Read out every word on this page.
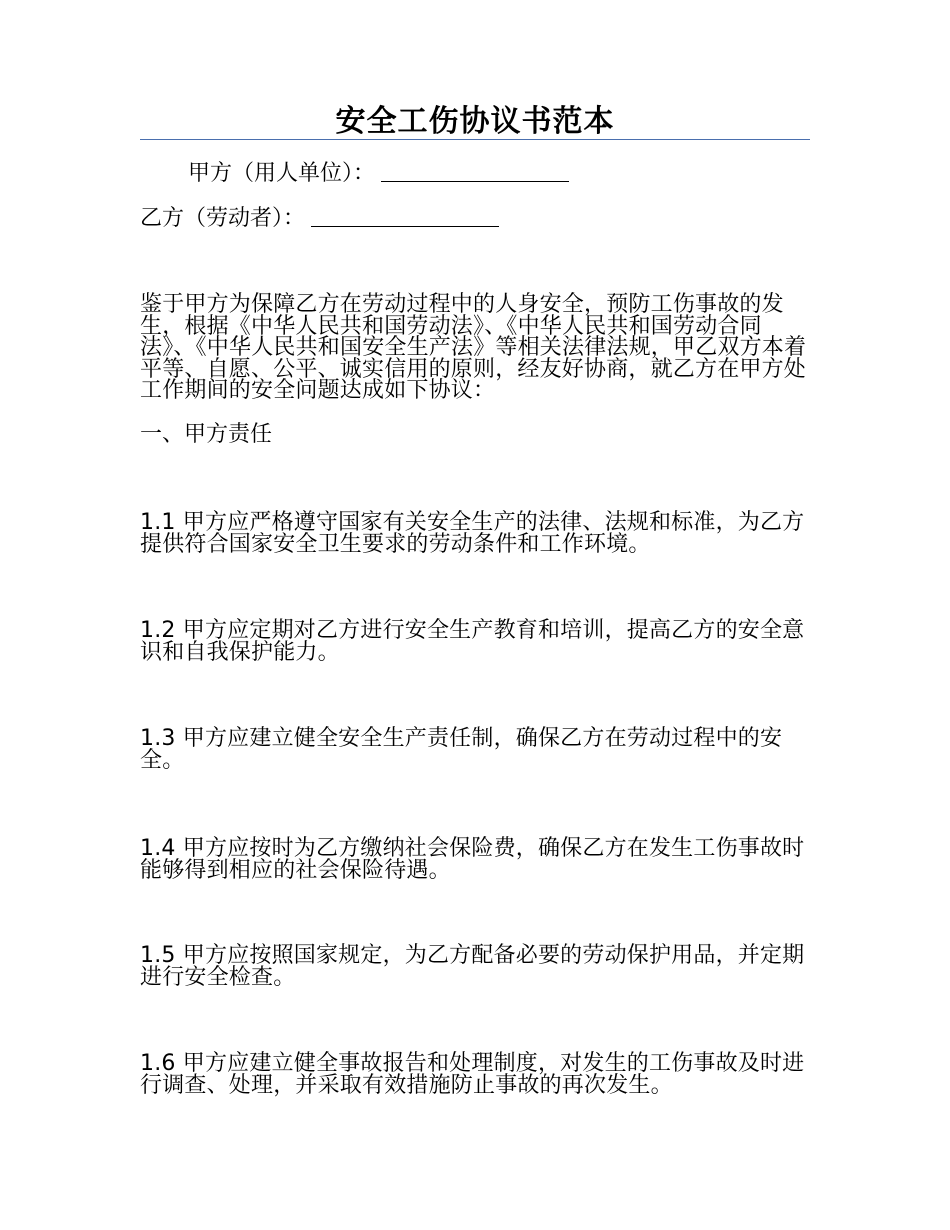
安全工伤协议书范本
甲方（用人单位）：
乙方（劳动者）：

鉴于甲方为保障乙方在劳动过程中的人身安全，预防工伤事故的发生，根据《中华人民共和国劳动法》、《中华人民共和国劳动合同法》、《中华人民共和国安全生产法》等相关法律法规，甲乙双方本着平等、自愿、公平、诚实信用的原则，经友好协商，就乙方在甲方处工作期间的安全问题达成如下协议：

一、甲方责任

1.1 甲方应严格遵守国家有关安全生产的法律、法规和标准，为乙方提供符合国家安全卫生要求的劳动条件和工作环境。

1.2 甲方应定期对乙方进行安全生产教育和培训，提高乙方的安全意识和自我保护能力。

1.3 甲方应建立健全安全生产责任制，确保乙方在劳动过程中的安全。

1.4 甲方应按时为乙方缴纳社会保险费，确保乙方在发生工伤事故时能够得到相应的社会保险待遇。

1.5 甲方应按照国家规定，为乙方配备必要的劳动保护用品，并定期进行安全检查。

1.6 甲方应建立健全事故报告和处理制度，对发生的工伤事故及时进行调查、处理，并采取有效措施防止事故的再次发生。
